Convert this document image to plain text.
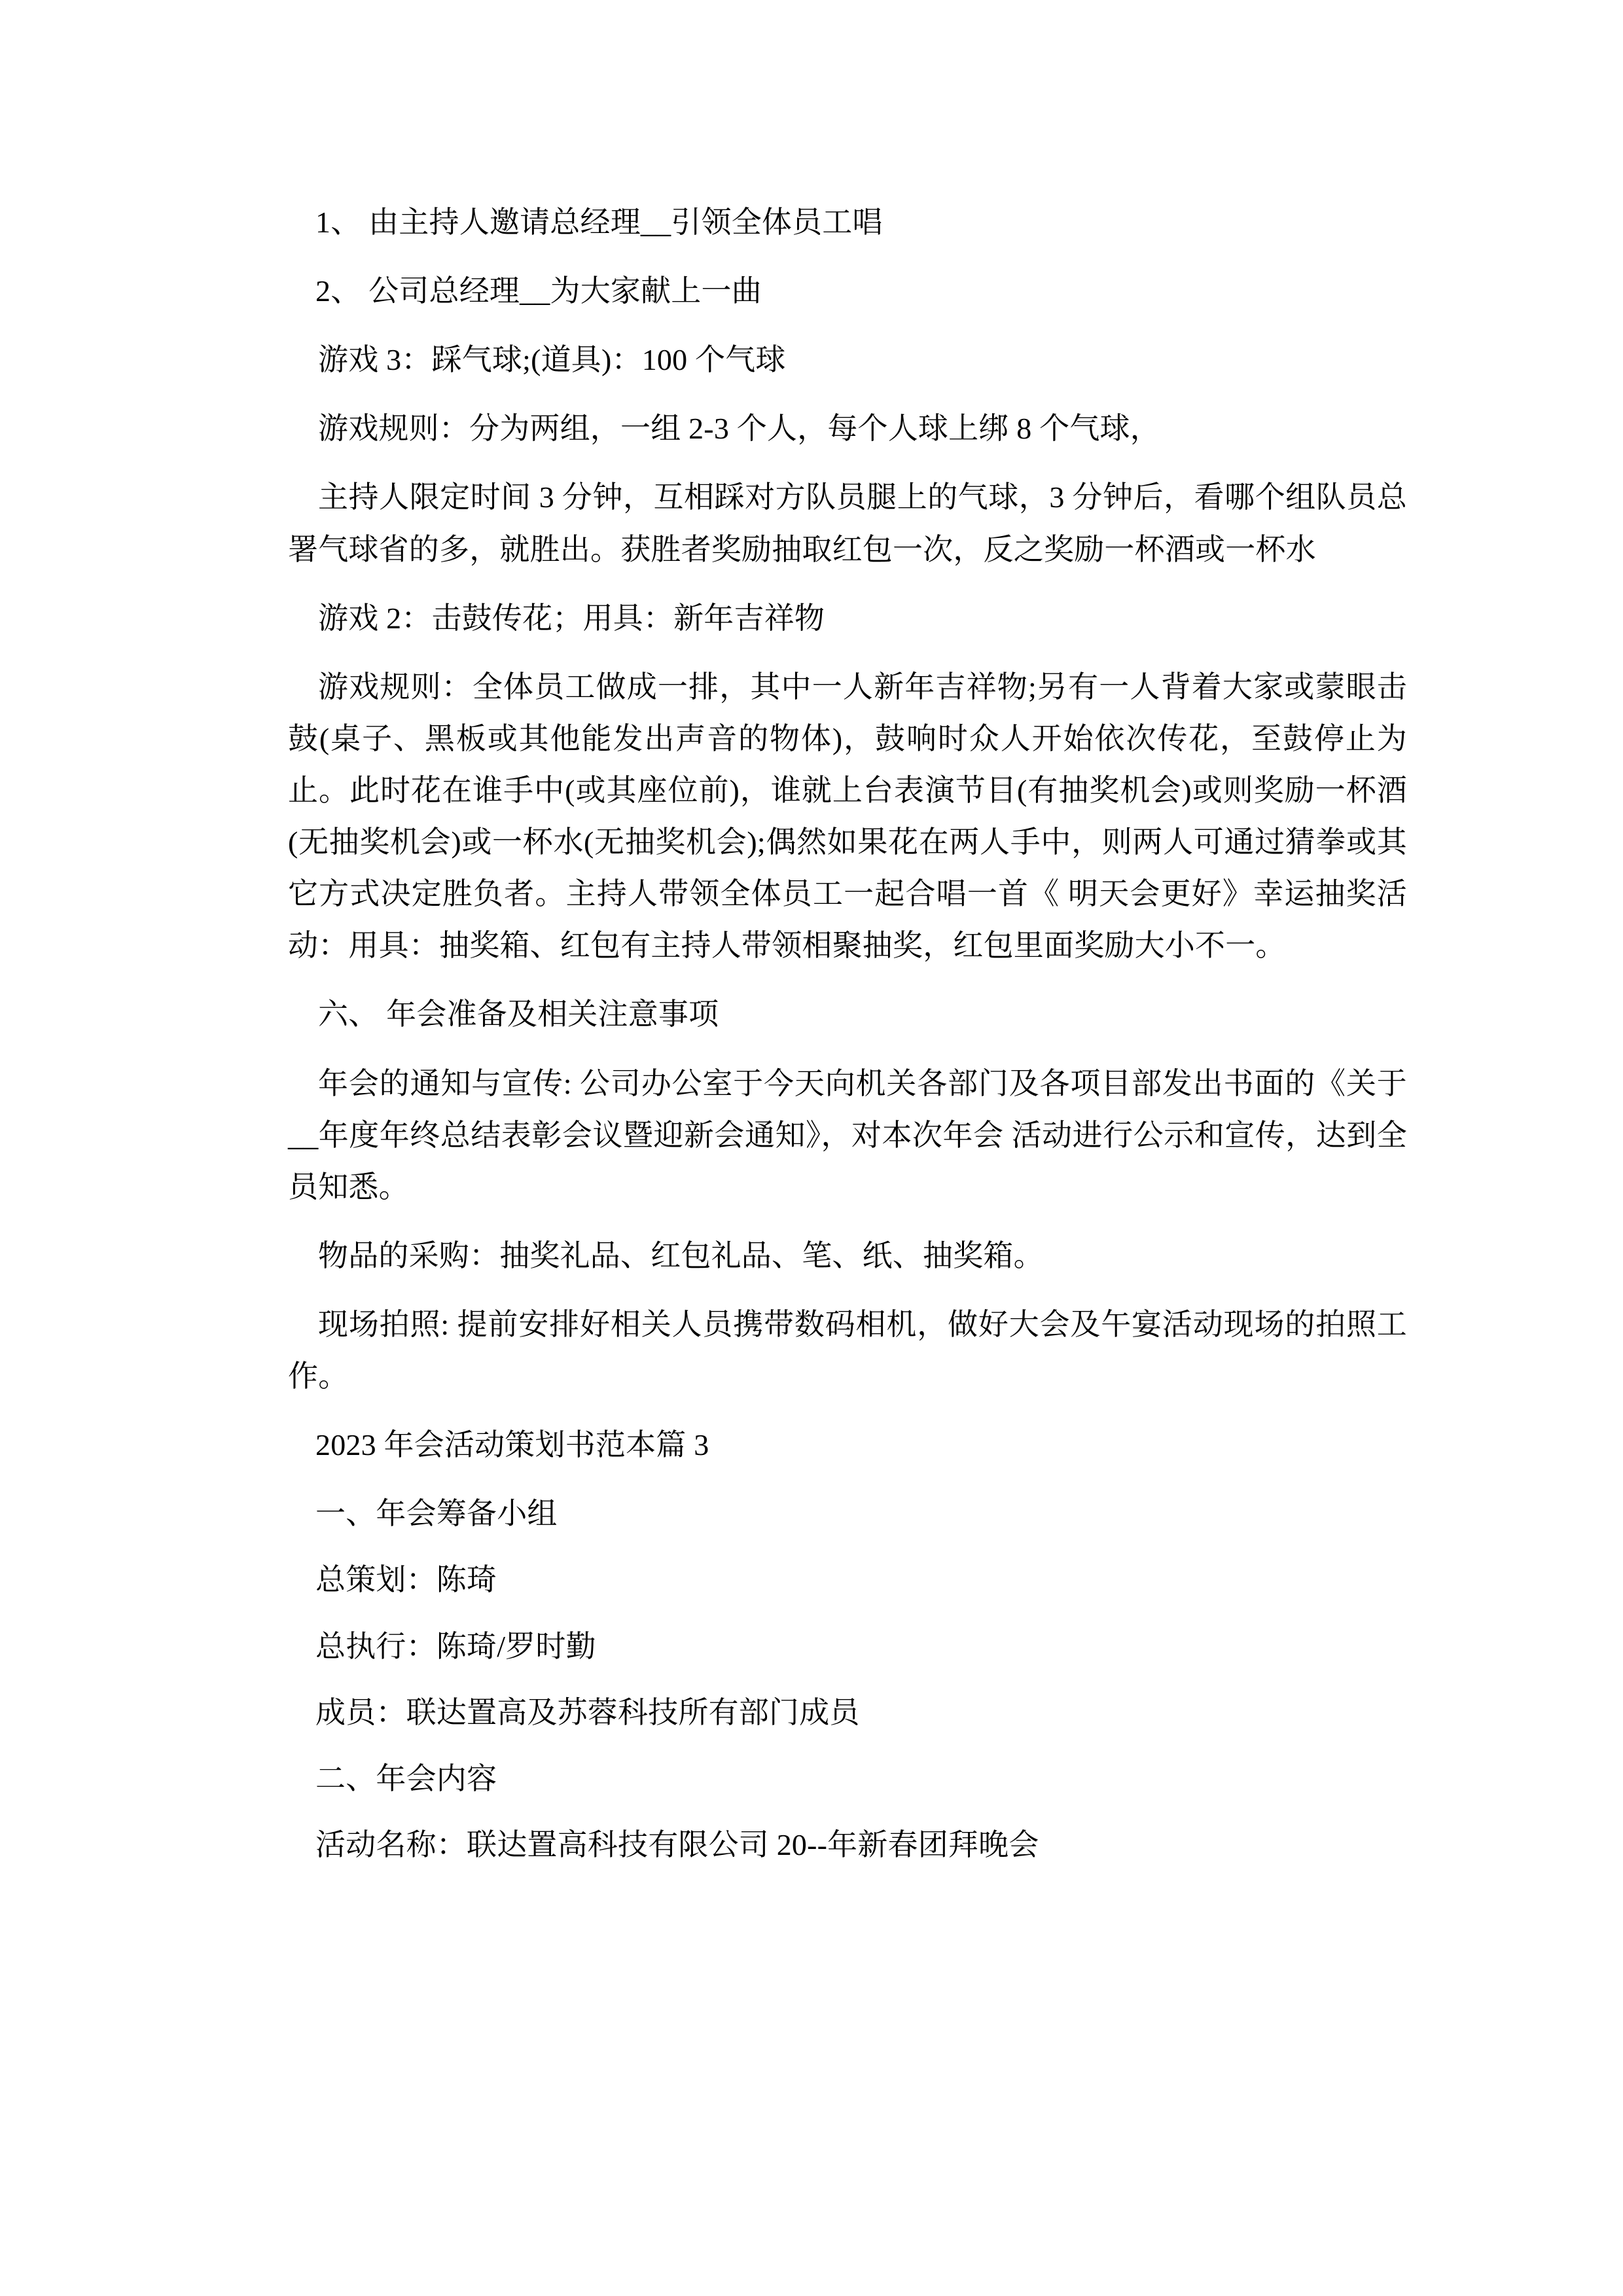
1、 由主持人邀请总经理__引领全体员工唱

2、 公司总经理__为大家献上一曲

游戏 3：踩气球;(道具)：100 个气球

游戏规则：分为两组，一组 2-3 个人，每个人球上绑 8 个气球，

主持人限定时间 3 分钟，互相踩对方队员腿上的气球，3 分钟后，看哪个组队员总署气球省的多，就胜出。获胜者奖励抽取红包一次，反之奖励一杯酒或一杯水

游戏 2：击鼓传花；用具：新年吉祥物

游戏规则：全体员工做成一排，其中一人新年吉祥物;另有一人背着大家或蒙眼击鼓(桌子、黑板或其他能发出声音的物体)，鼓响时众人开始依次传花，至鼓停止为止。此时花在谁手中(或其座位前)，谁就上台表演节目(有抽奖机会)或则奖励一杯酒(无抽奖机会)或一杯水(无抽奖机会);偶然如果花在两人手中，则两人可通过猜拳或其它方式决定胜负者。主持人带领全体员工一起合唱一首《 明天会更好》幸运抽奖活动：用具：抽奖箱、红包有主持人带领相聚抽奖，红包里面奖励大小不一。

六、 年会准备及相关注意事项

年会的通知与宣传: 公司办公室于今天向机关各部门及各项目部发出书面的《关于__年度年终总结表彰会议暨迎新会通知》，对本次年会 活动进行公示和宣传，达到全员知悉。

物品的采购：抽奖礼品、红包礼品、笔、纸、抽奖箱。

现场拍照: 提前安排好相关人员携带数码相机，做好大会及午宴活动现场的拍照工作。

2023 年会活动策划书范本篇 3

一、年会筹备小组

总策划：陈琦

总执行：陈琦/罗时勤

成员：联达置高及苏蓉科技所有部门成员

二、年会内容

活动名称：联达置高科技有限公司 20--年新春团拜晚会
